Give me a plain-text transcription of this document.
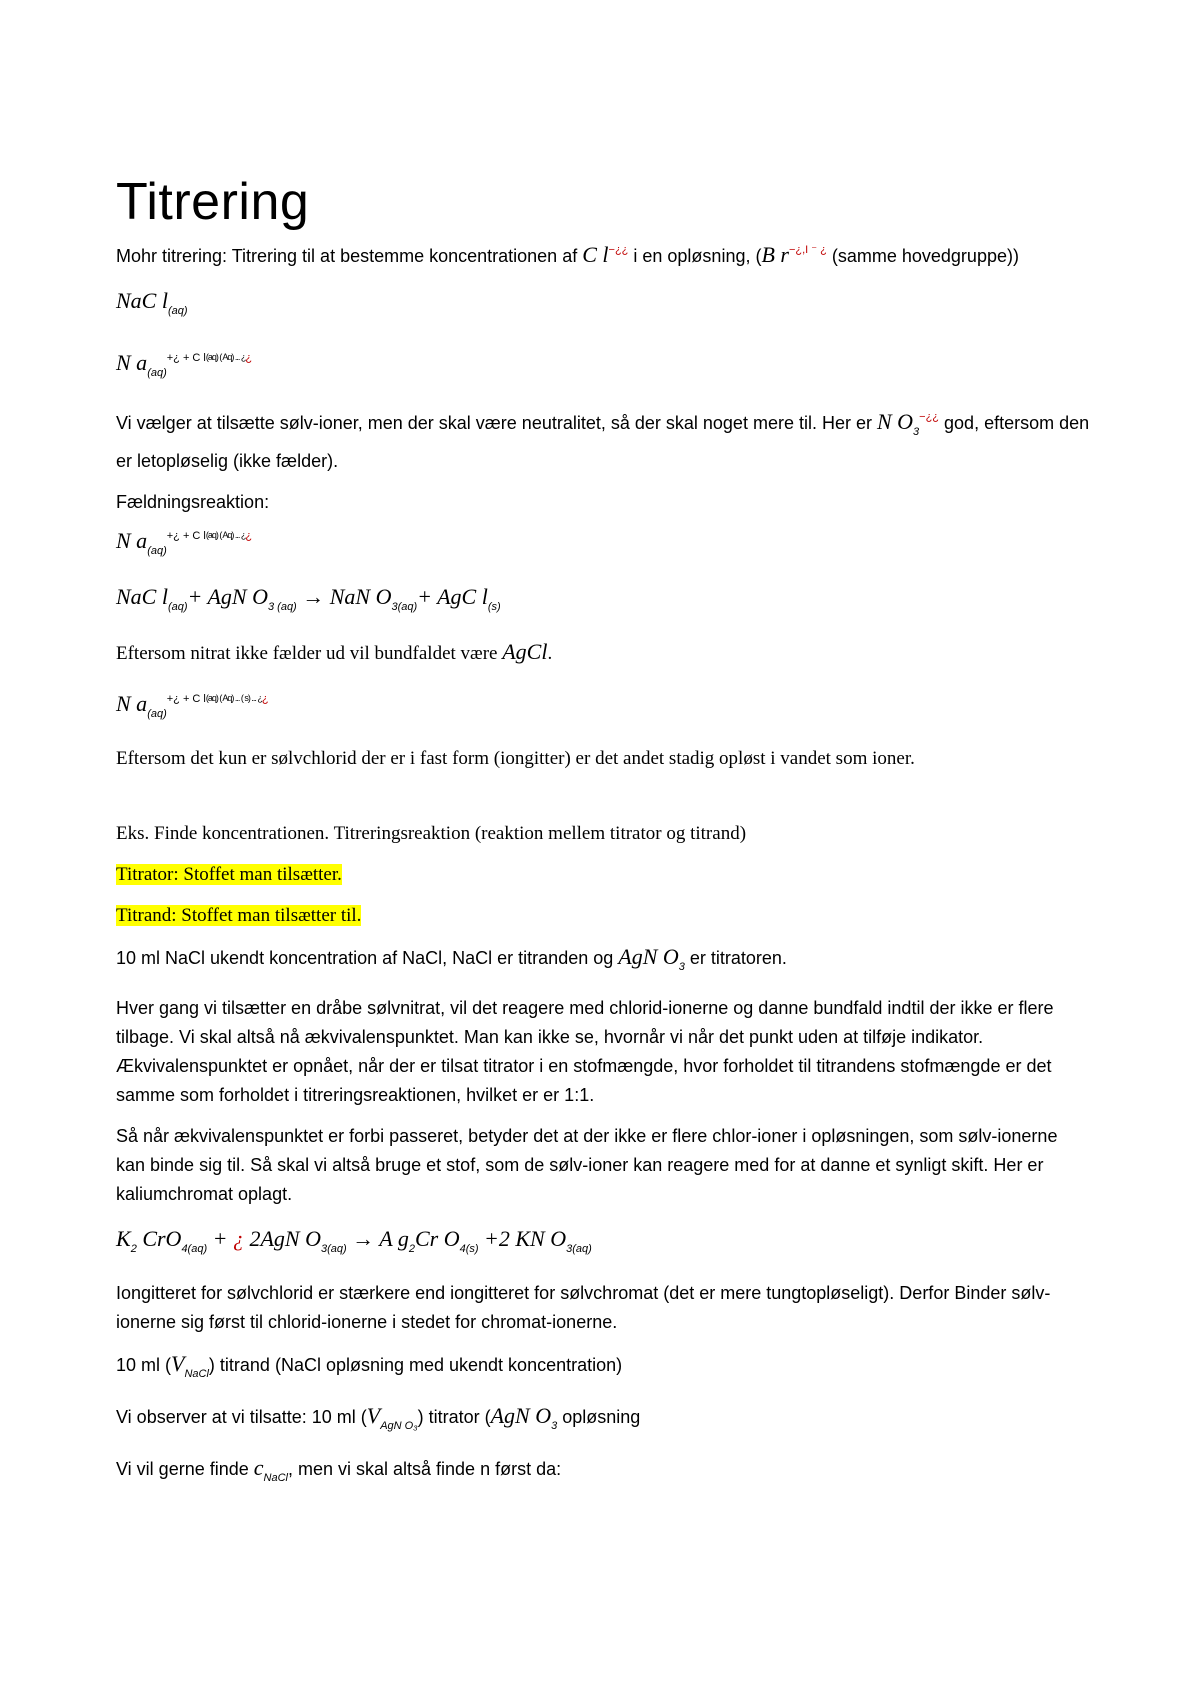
Titrering

Mohr titrering: Titrering til at bestemme koncentrationen af C l−¿¿ i en opløsning, (B $r^{-¿,I ^- ¿}$ (samme hovedgruppe))

NaC $l_{(aq)}$
N $a_{(aq)}^{+¿ + C l(aq) ( Aq) ... ¿¿}$

Vi vælger at tilsætte sølv-ioner, men der skal være neutralitet, så der skal noget mere til. Her er N $O_3^{-¿¿}$ god, eftersom den er letopløselig (ikke fælder).

Fældningsreaktion:

N $a_{(aq)}^{+¿ + C l(aq) ( Aq) ... ¿¿}$
NaC $l_{(aq)}+$ AgN $O_{3 (aq)}$ → NaN $O_{3(aq)}+$ AgC $l_{(s)}$

Eftersom nitrat ikke fælder ud vil bundfaldet være AgCl.

N $a_{(aq)}^{+¿ + C l(aq) ( Aq) ... ( s) ... ¿¿}$

Eftersom det kun er sølvchlorid der er i fast form (iongitter) er det andet stadig opløst i vandet som ioner.

Eks. Finde koncentrationen. Titreringsreaktion (reaktion mellem titrator og titrand)

Titrator: Stoffet man tilsætter.

Titrand: Stoffet man tilsætter til.

10 ml NaCl ukendt koncentration af NaCl, NaCl er titranden og AgN $O_3$ er titratoren.

Hver gang vi tilsætter en dråbe sølvnitrat, vil det reagere med chlorid-ionerne og danne bundfald indtil der ikke er flere tilbage. Vi skal altså nå ækvivalenspunktet. Man kan ikke se, hvornår vi når det punkt uden at tilføje indikator. Ækvivalenspunktet er opnået, når der er tilsat titrator i en stofmængde, hvor forholdet til titrandens stofmængde er det samme som forholdet i titreringsreaktionen, hvilket er er 1:1.

Så når ækvivalenspunktet er forbi passeret, betyder det at der ikke er flere chlor-ioner i opløsningen, som sølv-ionerne kan binde sig til. Så skal vi altså bruge et stof, som de sølv-ioner kan reagere med for at danne et synligt skift. Her er kaliumchromat oplagt.

$K_2$ CrO$_{4(aq)}$ + ¿ 2AgN $O_{3(aq)} \to A$ $g_2Cr$ $O_{4(s)} +2$ KN $O_{3(aq)}$

Iongitteret for sølvchlorid er stærkere end iongitteret for sølvchromat (det er mere tungtopløseligt). Derfor Binder sølv-ionerne sig først til chlorid-ionerne i stedet for chromat-ionerne.

10 ml $(V_{NaCl})$ titrand (NaCl opløsning med ukendt koncentration)

Vi observer at vi tilsatte: 10 ml $(V_{AgN O_3})$ titrator (AgN $O_3$ opløsning

Vi vil gerne finde $c_{NaCl}$, men vi skal altså finde n først da:
